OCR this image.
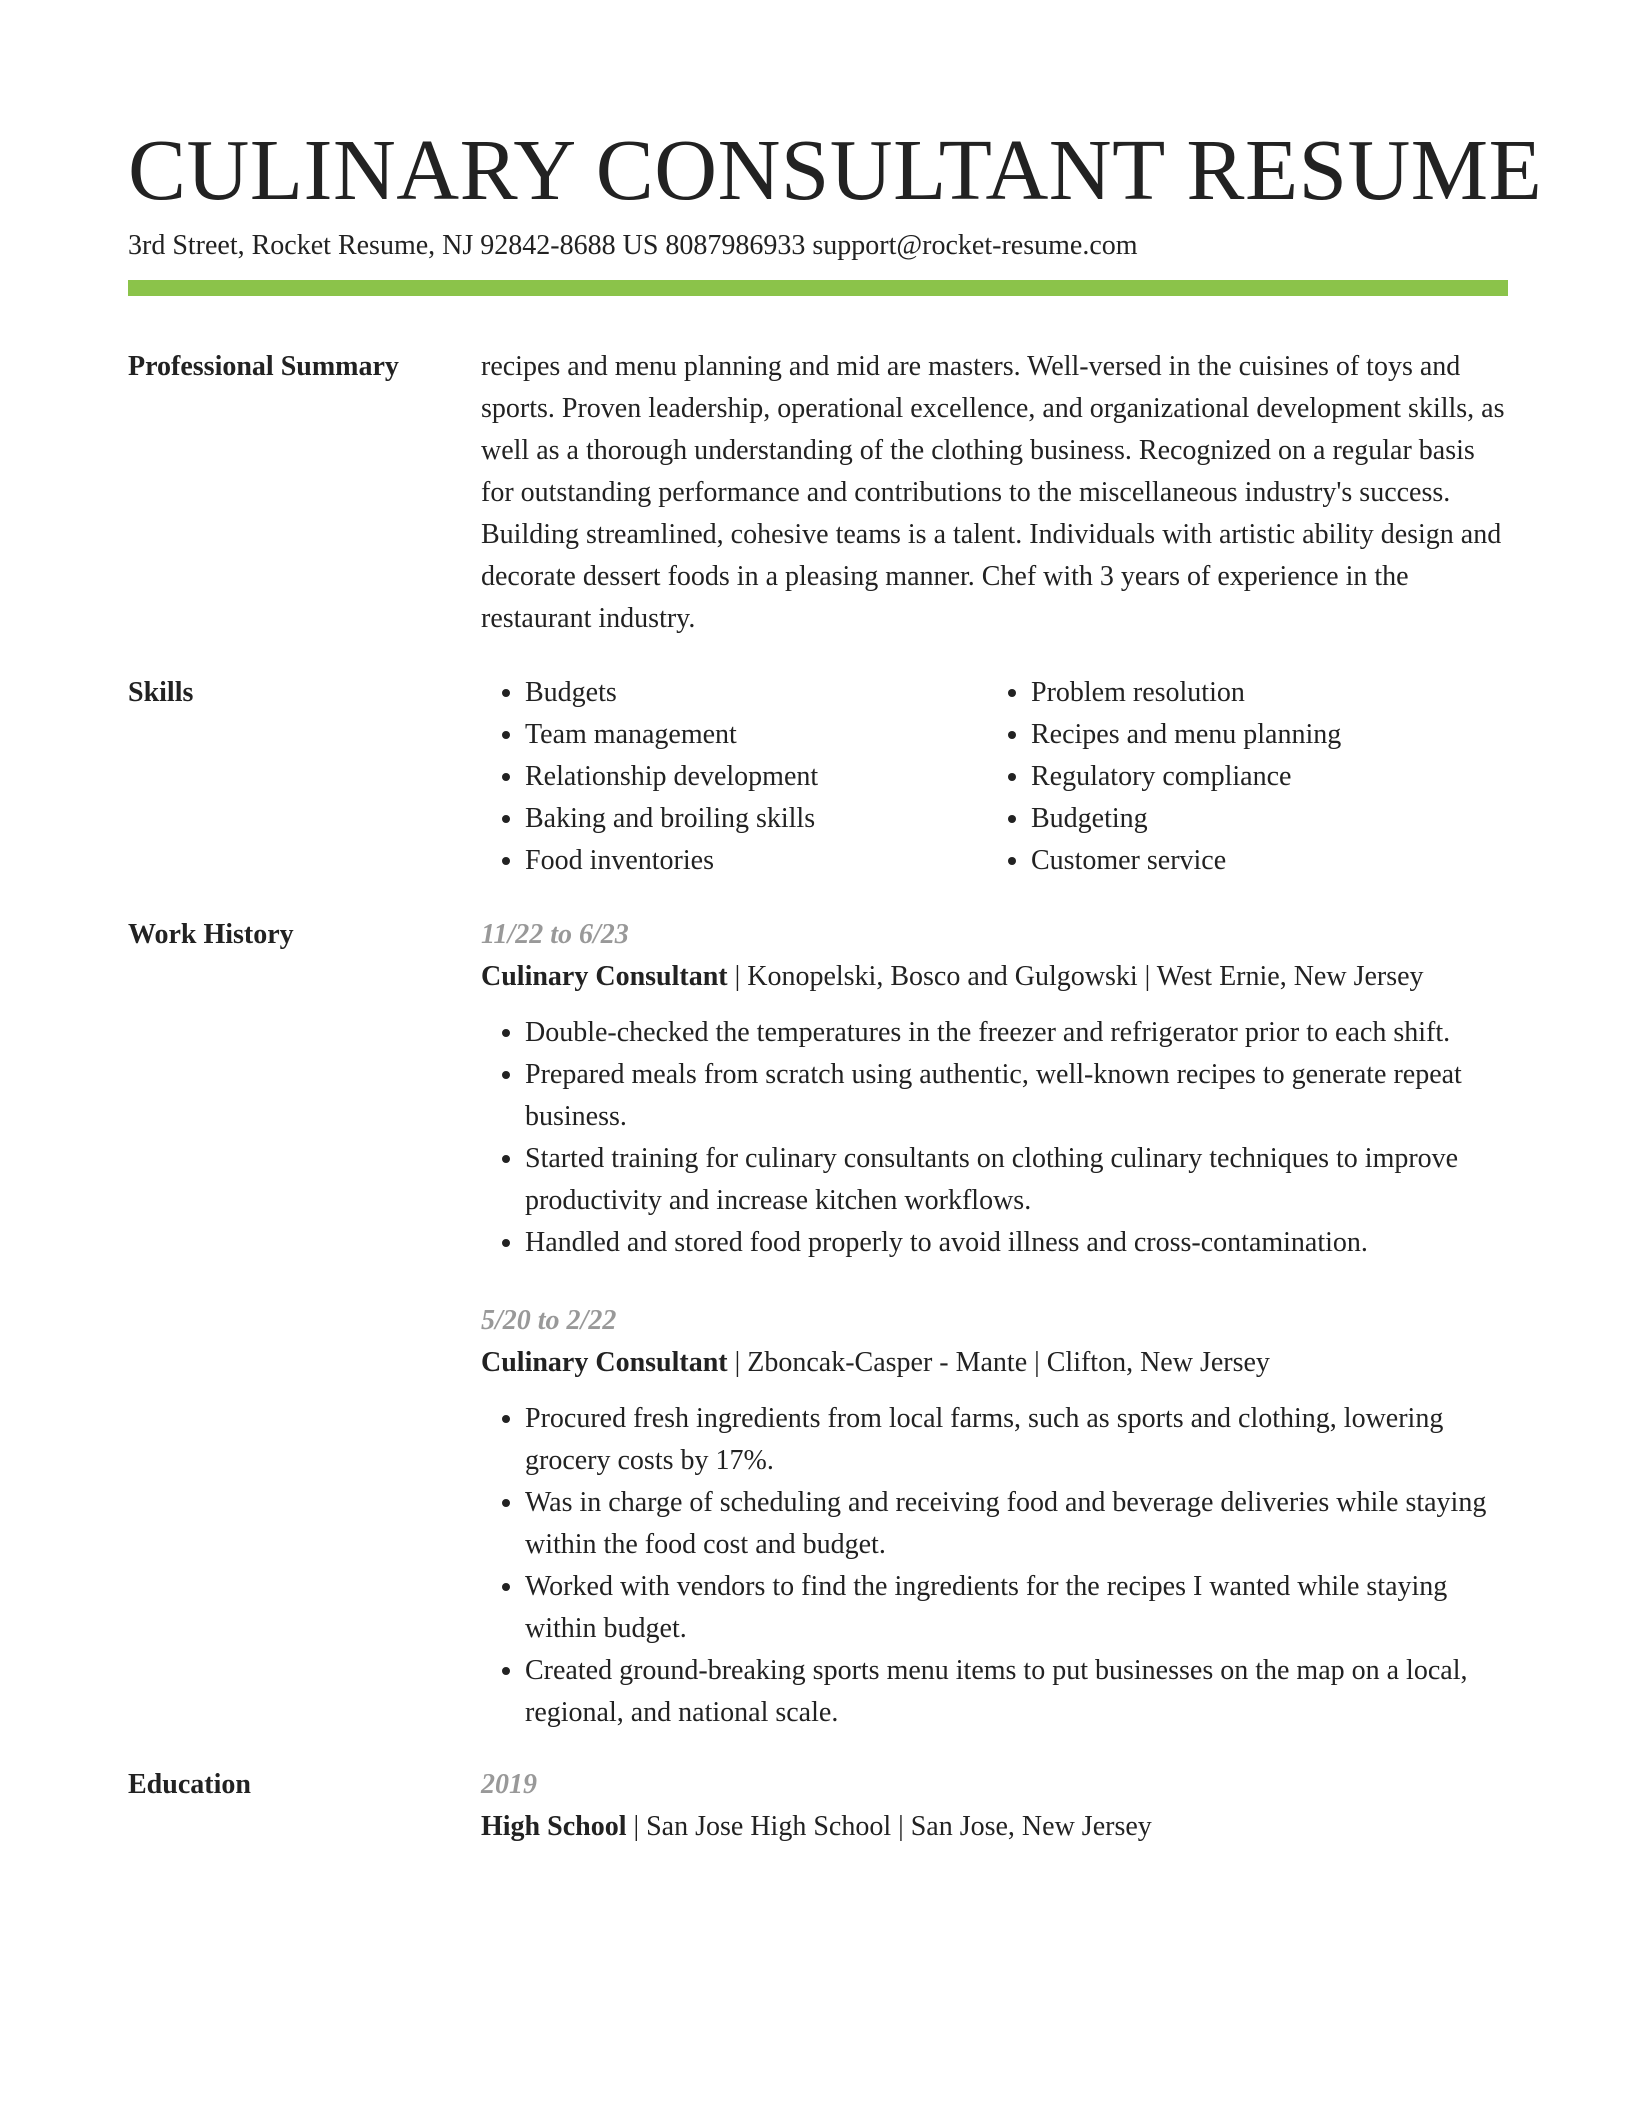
CULINARY CONSULTANT RESUME
3rd Street, Rocket Resume, NJ 92842-8688 US 8087986933 support@rocket-resume.com
Professional Summary	recipes and menu planning and mid are masters. Well-versed in the cuisines of toys and sports. Proven leadership, operational excellence, and organizational development skills, as well as a thorough understanding of the clothing business. Recognized on a regular basis for outstanding performance and contributions to the miscellaneous industry's success. Building streamlined, cohesive teams is a talent. Individuals with artistic ability design and decorate dessert foods in a pleasing manner. Chef with 3 years of experience in the restaurant industry.
Skills
•	Budgets
• Team management
• Relationship development
• Baking and broiling skills
• Food inventories
• Problem resolution
• Recipes and menu planning
• Regulatory compliance
• Budgeting
• Customer service
Work History	11/22 to 6/23
Culinary Consultant | Konopelski, Bosco and Gulgowski | West Ernie, New Jersey
• Double-checked the temperatures in the freezer and refrigerator prior to each shift.
• Prepared meals from scratch using authentic, well-known recipes to generate repeat business.
• Started training for culinary consultants on clothing culinary techniques to improve productivity and increase kitchen workflows.
• Handled and stored food properly to avoid illness and cross-contamination.
5/20 to 2/22
Culinary Consultant | Zboncak-Casper - Mante | Clifton, New Jersey
• Procured fresh ingredients from local farms, such as sports and clothing, lowering grocery costs by 17%.
• Was in charge of scheduling and receiving food and beverage deliveries while staying within the food cost and budget.
• Worked with vendors to find the ingredients for the recipes I wanted while staying within budget.
• Created ground-breaking sports menu items to put businesses on the map on a local, regional, and national scale.
Education	2019
High School | San Jose High School | San Jose, New Jersey
